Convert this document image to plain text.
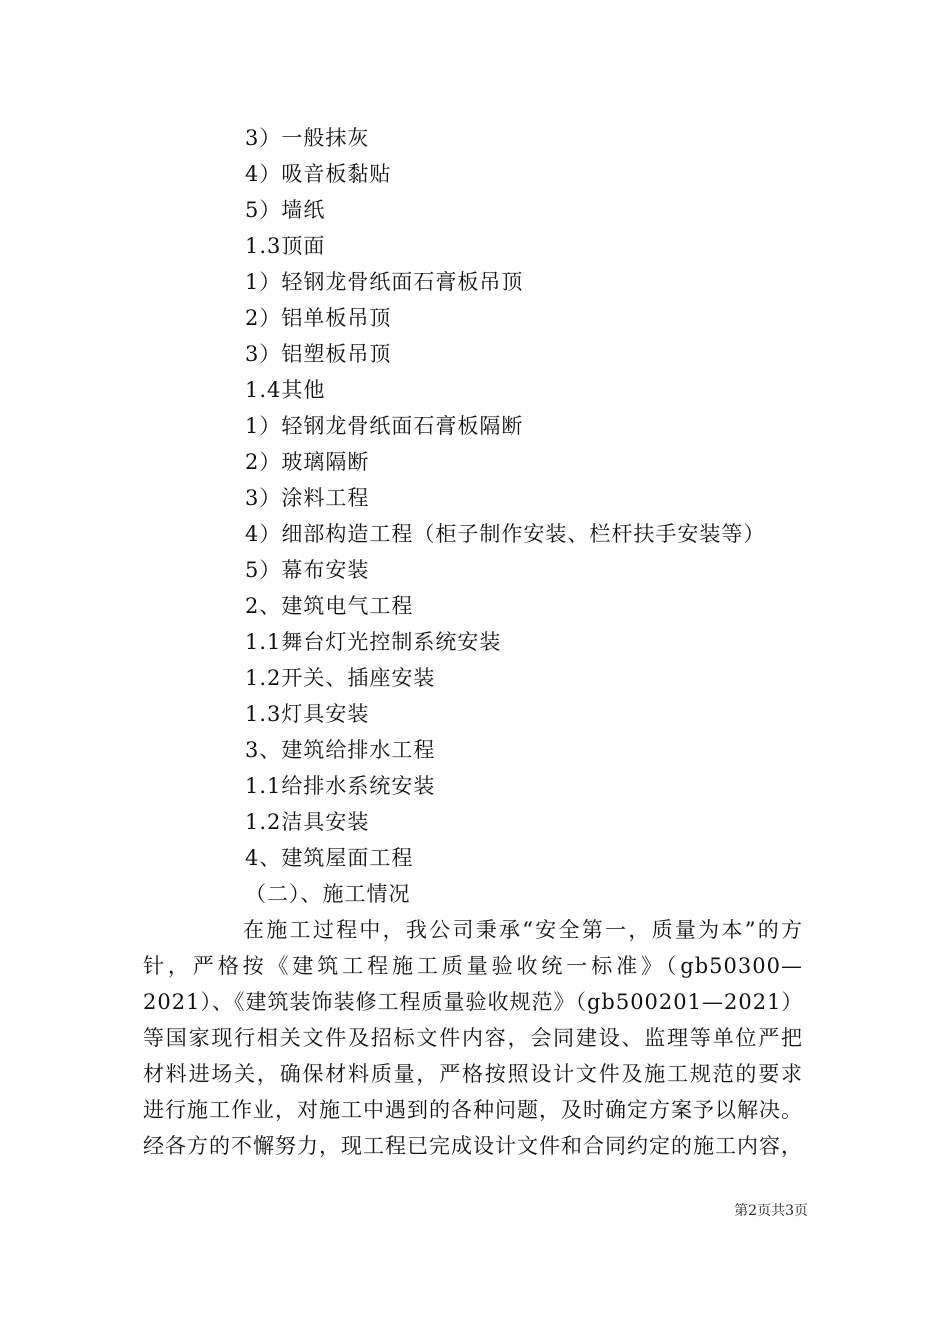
3）一般抹灰
4）吸音板黏贴
5）墙纸
1.3顶面
1）轻钢龙骨纸面石膏板吊顶
2）铝单板吊顶
3）铝塑板吊顶
1.4其他
1）轻钢龙骨纸面石膏板隔断
2）玻璃隔断
3）涂料工程
4）细部构造工程（柜子制作安装、栏杆扶手安装等）
5）幕布安装
2、建筑电气工程
1.1舞台灯光控制系统安装
1.2开关、插座安装
1.3灯具安装
3、建筑给排水工程
1.1给排水系统安装
1.2洁具安装
4、建筑屋面工程
（二）、施工情况
在施工过程中，我公司秉承“安全第一，质量为本”的方
针，严格按《建筑工程施工质量验收统一标准》（gb50300—
2021）、《建筑装饰装修工程质量验收规范》（gb500201—2021）
等国家现行相关文件及招标文件内容，会同建设、监理等单位严把
材料进场关，确保材料质量，严格按照设计文件及施工规范的要求
进行施工作业，对施工中遇到的各种问题，及时确定方案予以解决。
经各方的不懈努力，现工程已完成设计文件和合同约定的施工内容，
第2页共3页
